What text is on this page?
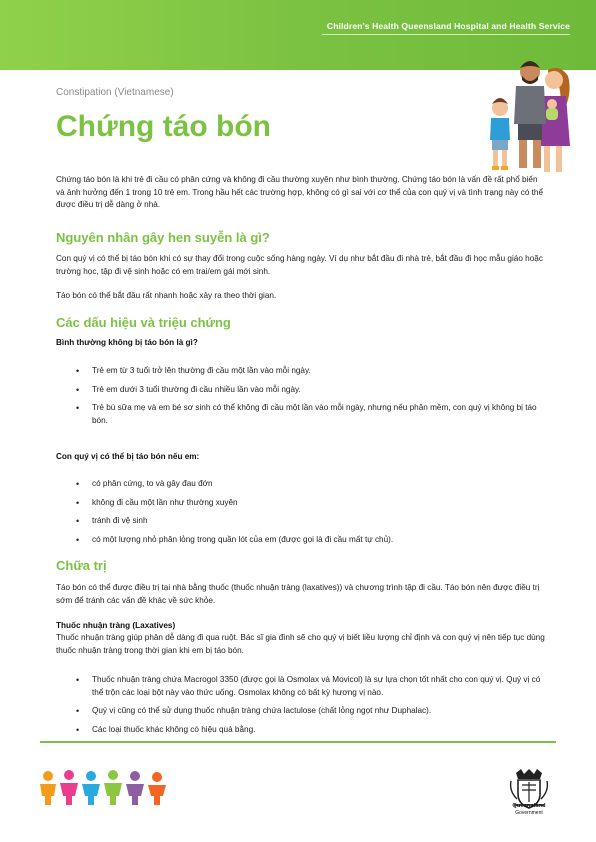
Children’s Health Queensland Hospital and Health Service
Constipation (Vietnamese)
Chứng táo bón

Chứng táo bón là khi trẻ đi cầu có phân cứng và không đi cầu thường xuyên như bình thường. Chứng táo bón là vấn đề rất phổ biến và ảnh hưởng đến 1 trong 10 trẻ em. Trong hầu hết các trường hợp, không có gì sai với cơ thể của con quý vị và tình trạng này có thể được điều trị dễ dàng ở nhà.

Nguyên nhân gây hen suyễn là gì?

Con quý vị có thể bị táo bón khi có sự thay đổi trong cuộc sống hàng ngày. Ví dụ như bắt đầu đi nhà trẻ, bắt đầu đi học mẫu giáo hoặc trường học, tập đi vệ sinh hoặc có em trai/em gái mới sinh.

Táo bón có thể bắt đầu rất nhanh hoặc xảy ra theo thời gian.

Các dấu hiệu và triệu chứng
Bình thường không bị táo bón là gì?
• Trẻ em từ 3 tuổi trở lên thường đi cầu một lần vào mỗi ngày.
• Trẻ em dưới 3 tuổi thường đi cầu nhiều lần vào mỗi ngày.
• Trẻ bú sữa mẹ và em bé sơ sinh có thể không đi cầu một lần vào mỗi ngày, nhưng nếu phân mềm, con quý vị không bị táo bón.
Con quý vị có thể bị táo bón nếu em:
• có phân cứng, to và gây đau đớn
• không đi cầu một lần như thường xuyên
• tránh đi vệ sinh
• có một lượng nhỏ phân lỏng trong quần lót của em (được gọi là đi cầu mất tự chủ).
Chữa trị

Táo bón có thể được điều trị tại nhà bằng thuốc (thuốc nhuận tràng (laxatives)) và chương trình tập đi cầu. Táo bón nên được điều trị sớm để tránh các vấn đề khác về sức khỏe.

Thuốc nhuận tràng (Laxatives)

Thuốc nhuận tràng giúp phân dễ dàng đi qua ruột. Bác sĩ gia đình sẽ cho quý vị biết liều lượng chỉ định và con quý vị nên tiếp tục dùng thuốc nhuận tràng trong thời gian khi em bị táo bón.

• Thuốc nhuận tràng chứa Macrogol 3350 (được gọi là Osmolax và Movicol) là sự lựa chọn tốt nhất cho con quý vị. Quý vị có thể trộn các loại bột này vào thức uống. Osmolax không có bất kỳ hương vị nào.
• Quý vị cũng có thể sử dụng thuốc nhuận tràng chứa lactulose (chất lỏng ngọt như Duphalac).
• Các loại thuốc khác không có hiệu quả bằng.
Queensland
Government
